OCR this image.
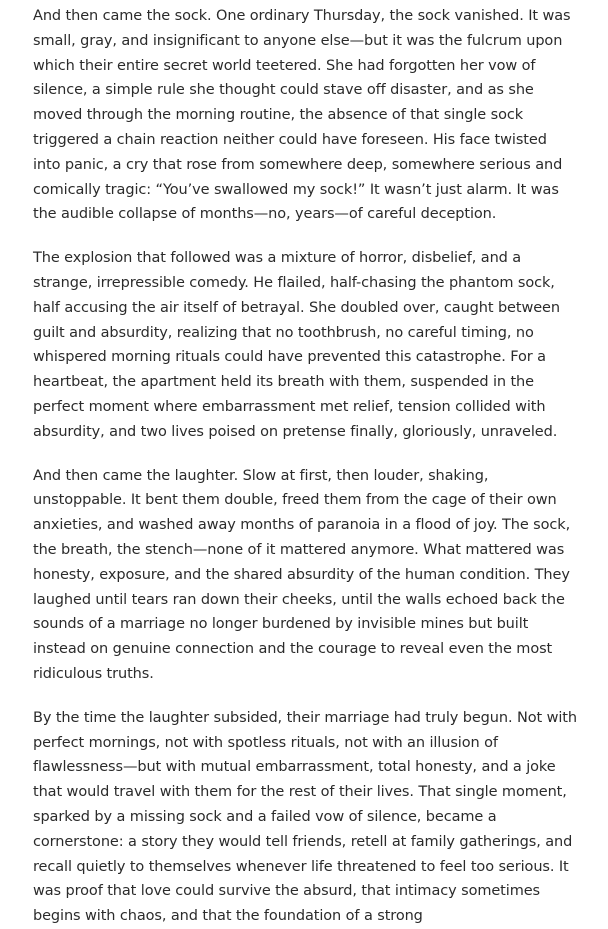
And then came the sock. One ordinary Thursday, the sock vanished. It was small, gray, and insignificant to anyone else—but it was the fulcrum upon which their entire secret world teetered. She had forgotten her vow of silence, a simple rule she thought could stave off disaster, and as she moved through the morning routine, the absence of that single sock triggered a chain reaction neither could have foreseen. His face twisted into panic, a cry that rose from somewhere deep, somewhere serious and comically tragic: “You’ve swallowed my sock!” It wasn’t just alarm. It was the audible collapse of months—no, years—of careful deception.

The explosion that followed was a mixture of horror, disbelief, and a strange, irrepressible comedy. He flailed, half-chasing the phantom sock, half accusing the air itself of betrayal. She doubled over, caught between guilt and absurdity, realizing that no toothbrush, no careful timing, no whispered morning rituals could have prevented this catastrophe. For a heartbeat, the apartment held its breath with them, suspended in the perfect moment where embarrassment met relief, tension collided with absurdity, and two lives poised on pretense finally, gloriously, unraveled.

And then came the laughter. Slow at first, then louder, shaking, unstoppable. It bent them double, freed them from the cage of their own anxieties, and washed away months of paranoia in a flood of joy. The sock, the breath, the stench—none of it mattered anymore. What mattered was honesty, exposure, and the shared absurdity of the human condition. They laughed until tears ran down their cheeks, until the walls echoed back the sounds of a marriage no longer burdened by invisible mines but built instead on genuine connection and the courage to reveal even the most ridiculous truths.

By the time the laughter subsided, their marriage had truly begun. Not with perfect mornings, not with spotless rituals, not with an illusion of flawlessness—but with mutual embarrassment, total honesty, and a joke that would travel with them for the rest of their lives. That single moment, sparked by a missing sock and a failed vow of silence, became a cornerstone: a story they would tell friends, retell at family gatherings, and recall quietly to themselves whenever life threatened to feel too serious. It was proof that love could survive the absurd, that intimacy sometimes begins with chaos, and that the foundation of a strong
